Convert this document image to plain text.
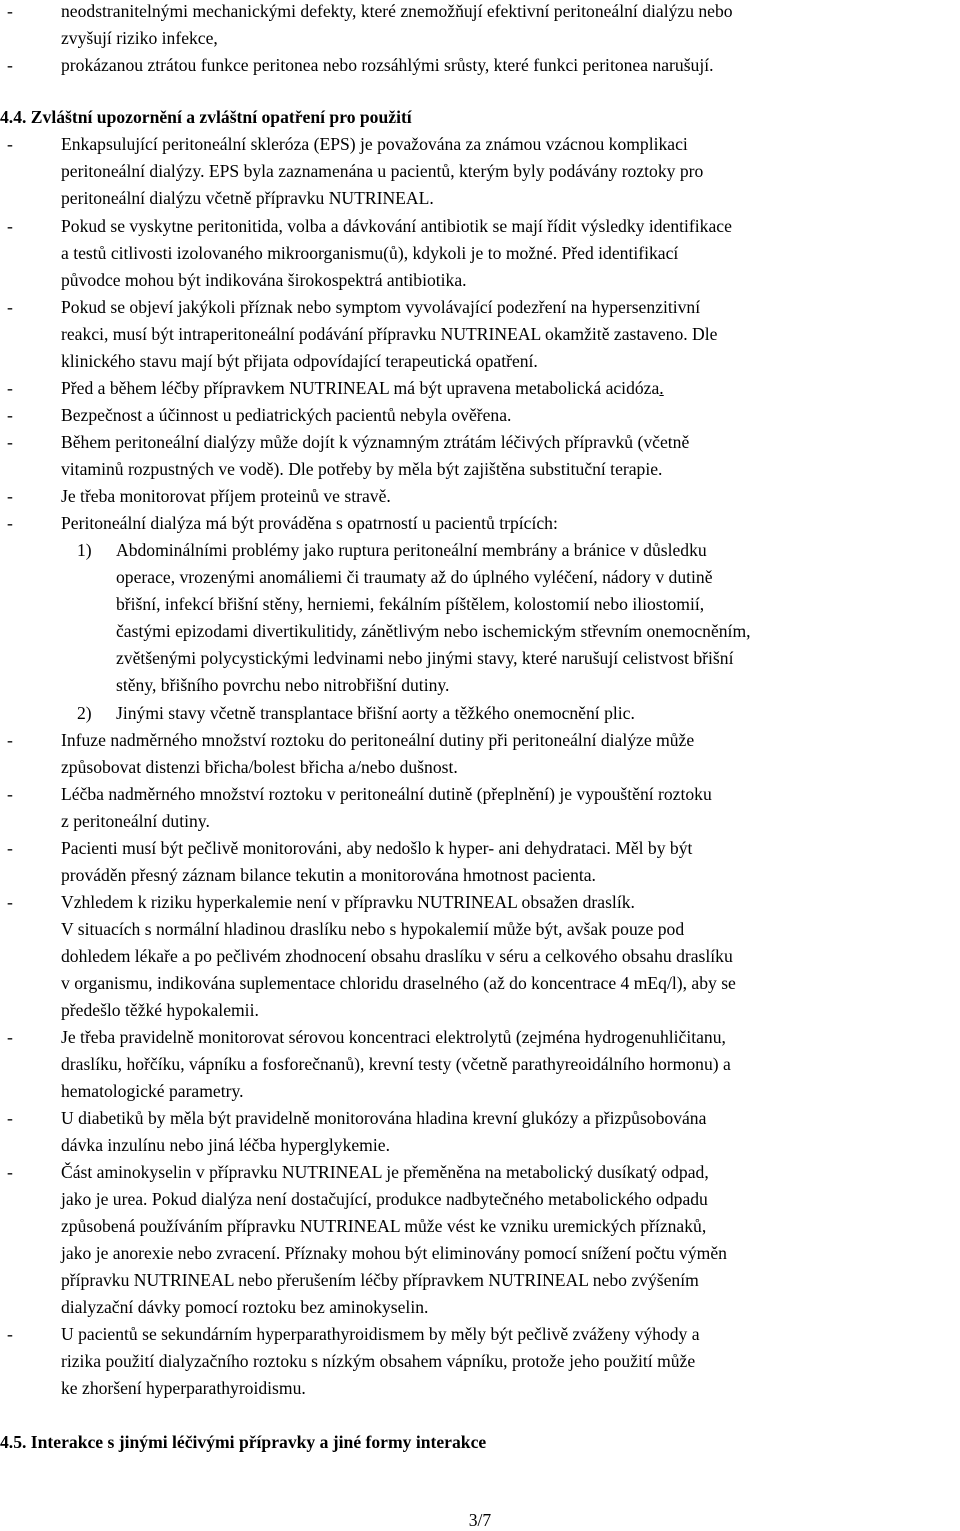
-	neodstranitelnými mechanickými defekty, které znemožňují efektivní peritoneální dialýzu nebo
zvyšují riziko infekce,
-	prokázanou ztrátou funkce peritonea nebo rozsáhlými srůsty, které funkci peritonea narušují.
4.4. Zvláštní upozornění a zvláštní opatření pro použití
-	Enkapsulující peritoneální skleróza (EPS) je považována za známou vzácnou komplikaci
peritoneální dialýzy. EPS byla zaznamenána u pacientů, kterým byly podávány roztoky pro
peritoneální dialýzu včetně přípravku NUTRINEAL.
-	Pokud se vyskytne peritonitida, volba a dávkování antibiotik se mají řídit výsledky identifikace
a testů citlivosti izolovaného mikroorganismu(ů), kdykoli je to možné. Před identifikací
původce mohou být indikována širokospektrá antibiotika.
-	Pokud se objeví jakýkoli příznak nebo symptom vyvolávající podezření na hypersenzitivní
reakci, musí být intraperitoneální podávání přípravku NUTRINEAL okamžitě zastaveno. Dle
klinického stavu mají být přijata odpovídající terapeutická opatření.
-	Před a během léčby přípravkem NUTRINEAL má být upravena metabolická acidóza.
-	Bezpečnost a účinnost u pediatrických pacientů nebyla ověřena.
-	Během peritoneální dialýzy může dojít k významným ztrátám léčivých přípravků (včetně
vitaminů rozpustných ve vodě). Dle potřeby by měla být zajištěna substituční terapie.
-	Je třeba monitorovat příjem proteinů ve stravě.
-	Peritoneální dialýza má být prováděna s opatrností u pacientů trpících:
1) Abdominálními problémy jako ruptura peritoneální membrány a bránice v důsledku
operace, vrozenými anomáliemi či traumaty až do úplného vyléčení, nádory v dutině
břišní, infekcí břišní stěny, herniemi, fekálním píštělem, kolostomií nebo iliostomií,
častými epizodami divertikulitidy, zánětlivým nebo ischemickým střevním onemocněním,
zvětšenými polycystickými ledvinami nebo jinými stavy, které narušují celistvost břišní
stěny, břišního povrchu nebo nitrobřišní dutiny.
2) Jinými stavy včetně transplantace břišní aorty a těžkého onemocnění plic.
-	Infuze nadměrného množství roztoku do peritoneální dutiny při peritoneální dialýze může
způsobovat distenzi břicha/bolest břicha a/nebo dušnost.
-	Léčba nadměrného množství roztoku v peritoneální dutině (přeplnění) je vypouštění roztoku
z peritoneální dutiny.
-	Pacienti musí být pečlivě monitorováni, aby nedošlo k hyper- ani dehydrataci. Měl by být
prováděn přesný záznam bilance tekutin a monitorována hmotnost pacienta.
-	Vzhledem k riziku hyperkalemie není v přípravku NUTRINEAL obsažen draslík.
V situacích s normální hladinou draslíku nebo s hypokalemií může být, avšak pouze pod
dohledem lékaře a po pečlivém zhodnocení obsahu draslíku v séru a celkového obsahu draslíku
v organismu, indikována suplementace chloridu draselného (až do koncentrace 4 mEq/l), aby se
předešlo těžké hypokalemii.
-	Je třeba pravidelně monitorovat sérovou koncentraci elektrolytů (zejména hydrogenuhličitanu,
draslíku, hořčíku, vápníku a fosforečnanů), krevní testy (včetně parathyreoidálního hormonu) a
hematologické parametry.
-	U diabetiků by měla být pravidelně monitorována hladina krevní glukózy a přizpůsobována
dávka inzulínu nebo jiná léčba hyperglykemie.
-	Část aminokyselin v přípravku NUTRINEAL je přeměněna na metabolický dusíkatý odpad,
jako je urea. Pokud dialýza není dostačující, produkce nadbytečného metabolického odpadu
způsobená používáním přípravku NUTRINEAL může vést ke vzniku uremických příznaků,
jako je anorexie nebo zvracení. Příznaky mohou být eliminovány pomocí snížení počtu výměn
přípravku NUTRINEAL nebo přerušením léčby přípravkem NUTRINEAL nebo zvýšením
dialyzační dávky pomocí roztoku bez aminokyselin.
-	U pacientů se sekundárním hyperparathyroidismem by měly být pečlivě zváženy výhody a
rizika použití dialyzačního roztoku s nízkým obsahem vápníku, protože jeho použití může
ke zhoršení hyperparathyroidismu.
4.5. Interakce s jinými léčivými přípravky a jiné formy interakce
3/7
